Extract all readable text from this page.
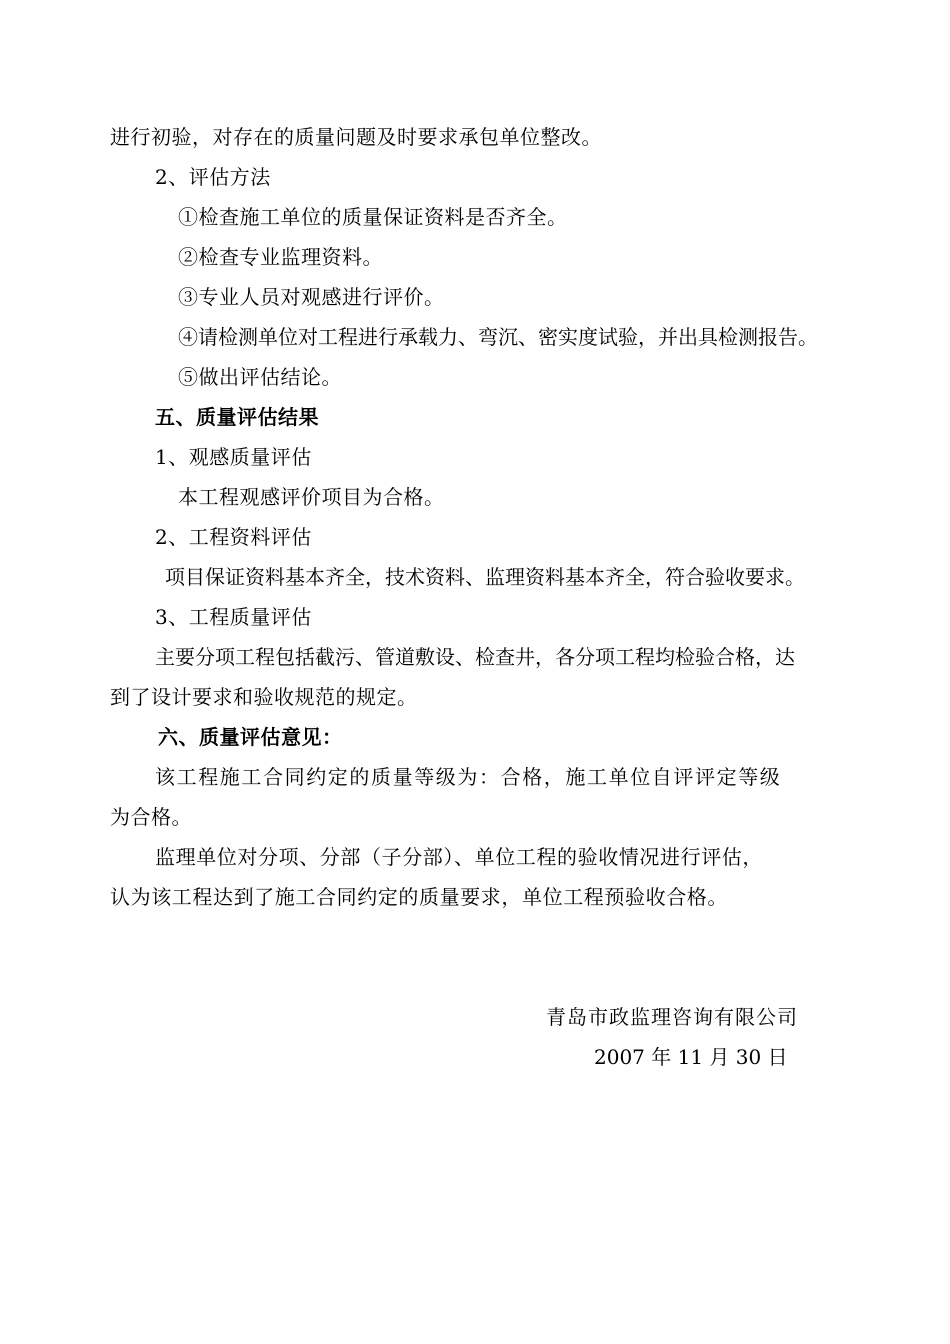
进行初验，对存在的质量问题及时要求承包单位整改。
2、评估方法
①检查施工单位的质量保证资料是否齐全。
②检查专业监理资料。
③专业人员对观感进行评价。
④请检测单位对工程进行承载力、弯沉、密实度试验，并出具检测报告。
⑤做出评估结论。
五、质量评估结果
1、观感质量评估
本工程观感评价项目为合格。
2、工程资料评估
项目保证资料基本齐全，技术资料、监理资料基本齐全，符合验收要求。
3、工程质量评估
主要分项工程包括截污、管道敷设、检查井，各分项工程均检验合格，达
到了设计要求和验收规范的规定。
六、质量评估意见：
该工程施工合同约定的质量等级为：合格，施工单位自评评定等级
为合格。
监理单位对分项、分部（子分部）、单位工程的验收情况进行评估，
认为该工程达到了施工合同约定的质量要求，单位工程预验收合格。
青岛市政监理咨询有限公司
2007 年 11 月 30 日
